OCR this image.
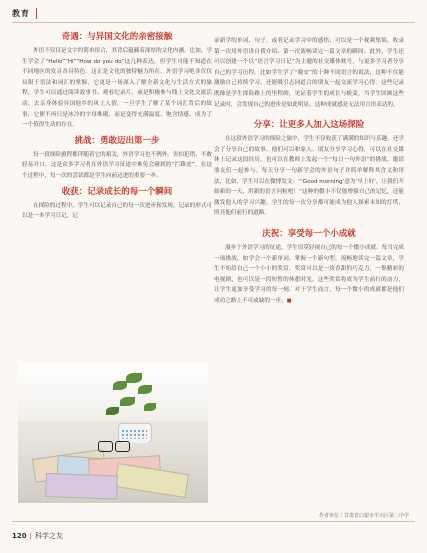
教育
奇遇：与异国文化的亲密接触

外语不仅仅是文字的简单组合，其背后蕴藏着深厚的文化内涵。比如，学生学会了“Hello”“Hi”“How do you do”这几种表达，但学生可能不知道在不同地区的发音各具特色。这正是文化的独特魅力所在。外语学习绝非仅仅局限于语法和词汇的掌握，它更是一场深入了解全新文化与生活方式的旅程。学生可以通过阅读故事书、观看纪录片，或是积极参与线上文化交流活动，去亲身体验异国他乡的风土人情。一旦学生了解了某个词汇背后的故事，它便不再只是冰冷的字母堆砌，而是变得充满温度、饱含情感，成为了一个值得生动的存在。

挑战：勇敢迈出第一步

每一段探险旅程都伴随着它的艰关，外语学习也不例外。害怕犯错、不敢轻易开口，这是众多学习者在外语学习征途中难免会碰到的“拦路虎”。在这个过程中，每一次的尝试都是学生向前迈进的重要一步。

收获：记录成长的每一个瞬间

在探险的过程中，学生可以记录自己的每一次进步和发现。记录的形式可以是一本学习日记，记

录新学的单词、句子，或者记录学习中的感悟；可以是一个视频集锦，收录第一次用外语讲自我介绍、第一次流畅读完一篇文章的瞬间。此外，学生还可以创建一个以“语言学习日记”为主题的社交媒体账号，与更多学习者分享自己的学习历程。比如学生学了“晚安”的十种不同语言的说法，这种不仅能激励自己持续学习，还能吸引志同道合的朋友一起交流学习心得。这些记录既像是学生探险路上的里程碑，见证着学生的成长与蜕变。当学生回顾这些记录时，会发现自己的进步是如此明显，这种成就感是无法用言语表达的。

分享：让更多人加入这场探险

在这段外语学习的探险之旅中，学生不仅收获了满满的知识与乐趣，还学会了分享自己的故事。他们可以和家人、朋友分享学习心得，可以在社交媒体上记录这段经历，也可以在教师上发起一个“每日一句外语”的挑战，邀请朋友们一起参与。每天分享一句新学会的外语句子并简单解释其含义和用法，比如，学生可以在微博发文：“‘Good morning’意为‘早上好’，让我们开始新的一天，用新的语言问候吧！”这种的微小不仅能增强自己的记忆，还能激发他人的学习兴趣。学生的每一次分享都可能成为他人探索未知的灯塔，照亮他们前行的道路。

庆祝：享受每一个小成就

漫步于外语学习的征途，学生切莫轻视自己的每一个微小成就。每当完成一项挑战，如学会一个新单词、掌握一个新句型、流畅地读完一篇文章，学生不妨给自己一个小小的奖赏。奖赏可以是一块香甜的巧克力，一集精彩的电视剧，也可以是一段短暂的休憩时光。这些奖赏将成为学生前行的动力，让学生更加享受学习的每一刻。对于学生而言，每一个微小的成就都是他们成功之路上不可或缺的一步。■

作者单位｜甘肃省白银市平川区第二中学
120 | 科学之友
